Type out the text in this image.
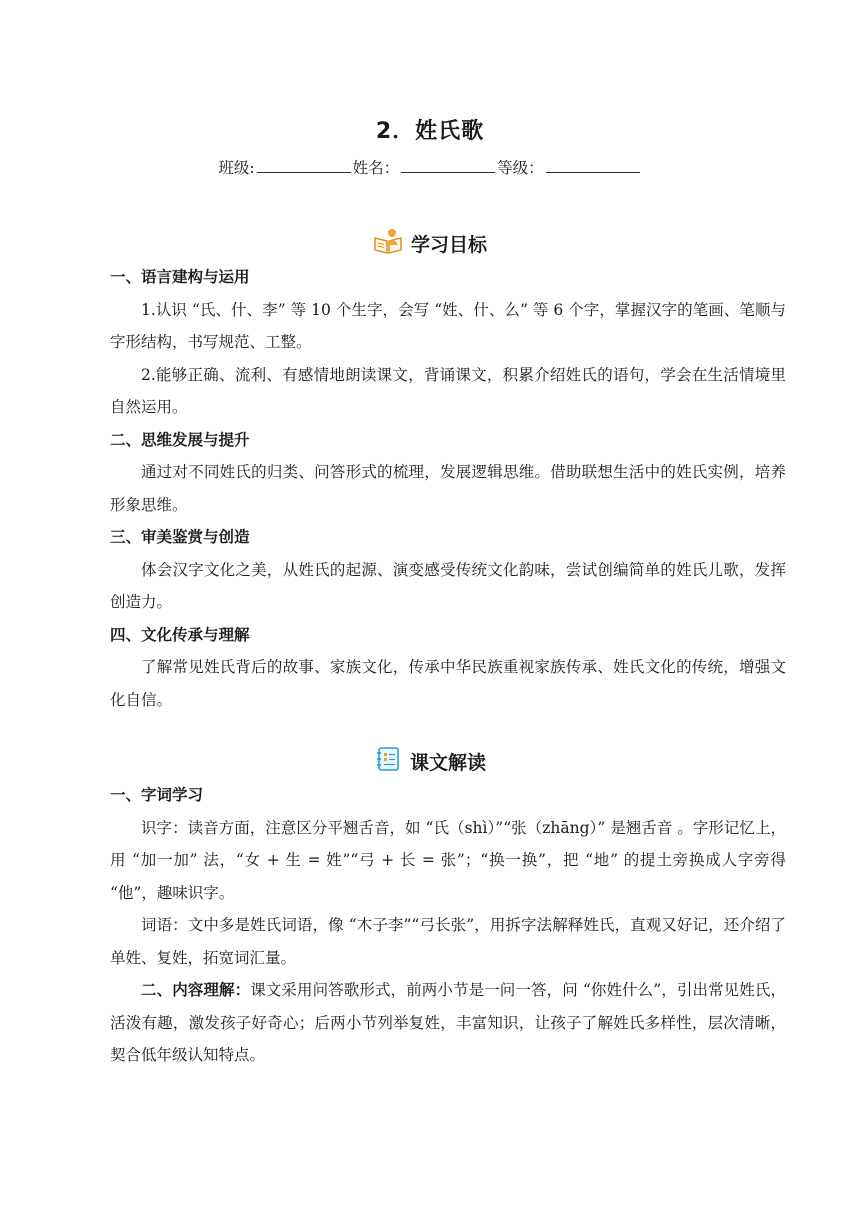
2．姓氏歌
班级:	姓名：	等级：
学习目标

一、语言建构与运用

1.认识 “氏、什、李” 等 10 个生字，会写 “姓、什、么” 等 6 个字，掌握汉字的笔画、笔顺与字形结构，书写规范、工整。

2.能够正确、流利、有感情地朗读课文，背诵课文，积累介绍姓氏的语句，学会在生活情境里自然运用。

二、思维发展与提升

通过对不同姓氏的归类、问答形式的梳理，发展逻辑思维。借助联想生活中的姓氏实例，培养形象思维。

三、审美鉴赏与创造

体会汉字文化之美，从姓氏的起源、演变感受传统文化韵味，尝试创编简单的姓氏儿歌，发挥创造力。

四、文化传承与理解

了解常见姓氏背后的故事、家族文化，传承中华民族重视家族传承、姓氏文化的传统，增强文化自信。

课文解读

一、字词学习

识字：读音方面，注意区分平翘舌音，如 “氏（shì）”“张（zhāng）” 是翘舌音 。字形记忆上，用 “加一加” 法，“女 + 生 = 姓”“弓 + 长 = 张”；“换一换”，把 “地” 的提土旁换成人字旁得 “他”，趣味识字。

词语：文中多是姓氏词语，像 “木子李”“弓长张”，用拆字法解释姓氏，直观又好记，还介绍了单姓、复姓，拓宽词汇量。

二、内容理解：课文采用问答歌形式，前两小节是一问一答，问 “你姓什么”，引出常见姓氏，活泼有趣，激发孩子好奇心；后两小节列举复姓，丰富知识，让孩子了解姓氏多样性，层次清晰，契合低年级认知特点。
